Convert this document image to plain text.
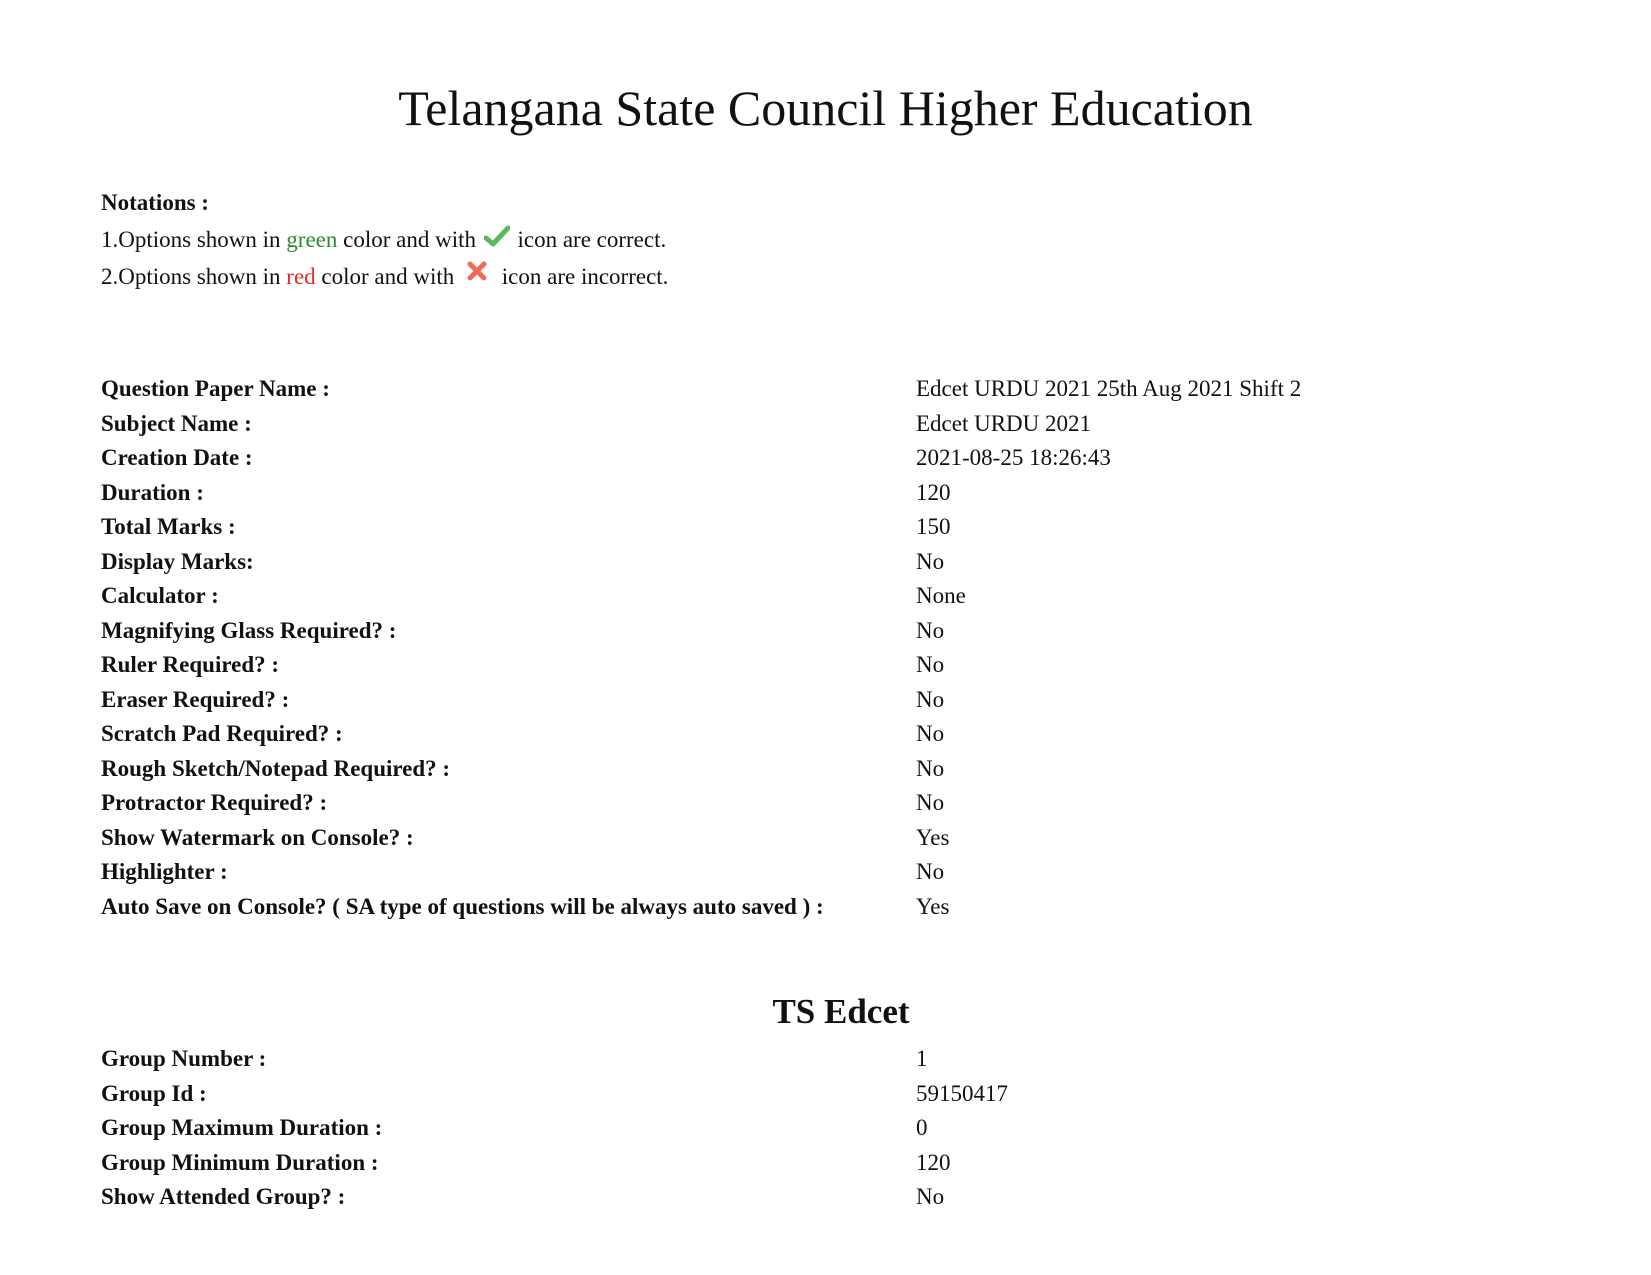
Telangana State Council Higher Education
Notations :
1.Options shown in green color and with  icon are correct.
2.Options shown in red color and with  icon are incorrect.
Question Paper Name :	Edcet URDU 2021 25th Aug 2021 Shift 2
Subject Name :	Edcet URDU 2021
Creation Date :	2021-08-25 18:26:43
Duration :	120
Total Marks :	150
Display Marks:	No
Calculator :	None
Magnifying Glass Required? :	No
Ruler Required? :	No
Eraser Required? :	No
Scratch Pad Required? :	No
Rough Sketch/Notepad Required? :	No
Protractor Required? :	No
Show Watermark on Console? :	Yes
Highlighter :	No
Auto Save on Console? ( SA type of questions will be always auto saved ) :	Yes
TS Edcet
Group Number :	1
Group Id :	59150417
Group Maximum Duration :	0
Group Minimum Duration :	120
Show Attended Group? :	No
